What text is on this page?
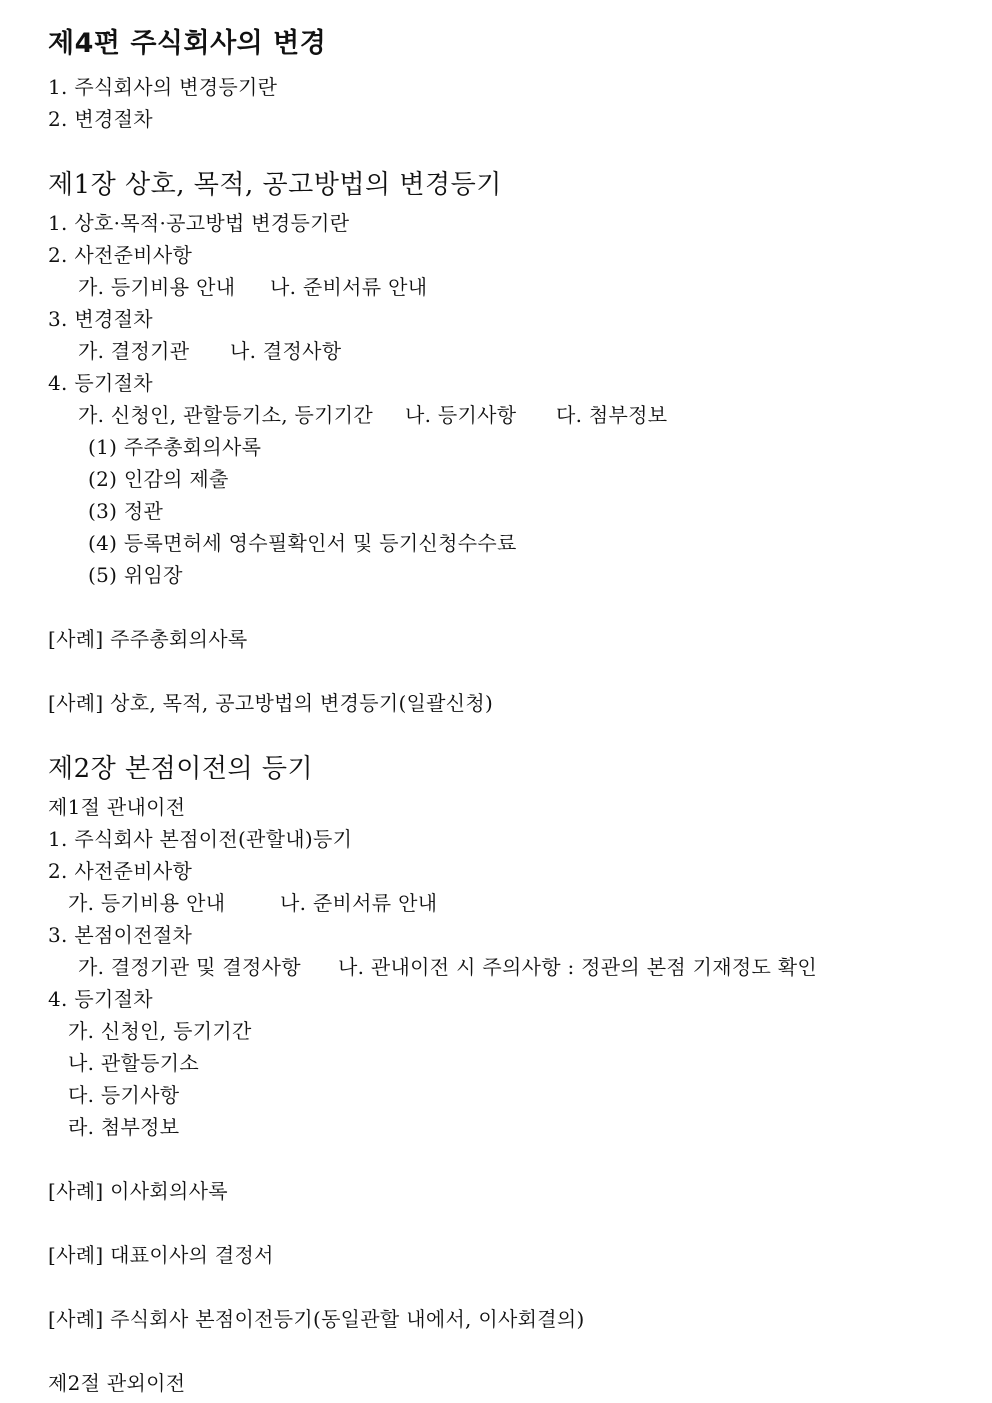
제4편 주식회사의 변경
1. 주식회사의 변경등기란
2. 변경절차
제1장 상호, 목적, 공고방법의 변경등기
1. 상호·목적·공고방법 변경등기란
2. 사전준비사항
가. 등기비용 안내 나. 준비서류 안내
3. 변경절차
가. 결정기관 나. 결정사항
4. 등기절차
가. 신청인, 관할등기소, 등기기간 나. 등기사항 다. 첨부정보
(1) 주주총회의사록
(2) 인감의 제출
(3) 정관
(4) 등록면허세 영수필확인서 및 등기신청수수료
(5) 위임장
[사례] 주주총회의사록
[사례] 상호, 목적, 공고방법의 변경등기(일괄신청)
제2장 본점이전의 등기
제1절 관내이전
1. 주식회사 본점이전(관할내)등기
2. 사전준비사항
가. 등기비용 안내	나. 준비서류 안내
3. 본점이전절차
가. 결정기관 및 결정사항 나. 관내이전 시 주의사항 : 정관의 본점 기재정도 확인
4. 등기절차
가. 신청인, 등기기간
나. 관할등기소
다. 등기사항
라. 첨부정보
[사례] 이사회의사록
[사례] 대표이사의 결정서
[사례] 주식회사 본점이전등기(동일관할 내에서, 이사회결의)
제2절 관외이전
